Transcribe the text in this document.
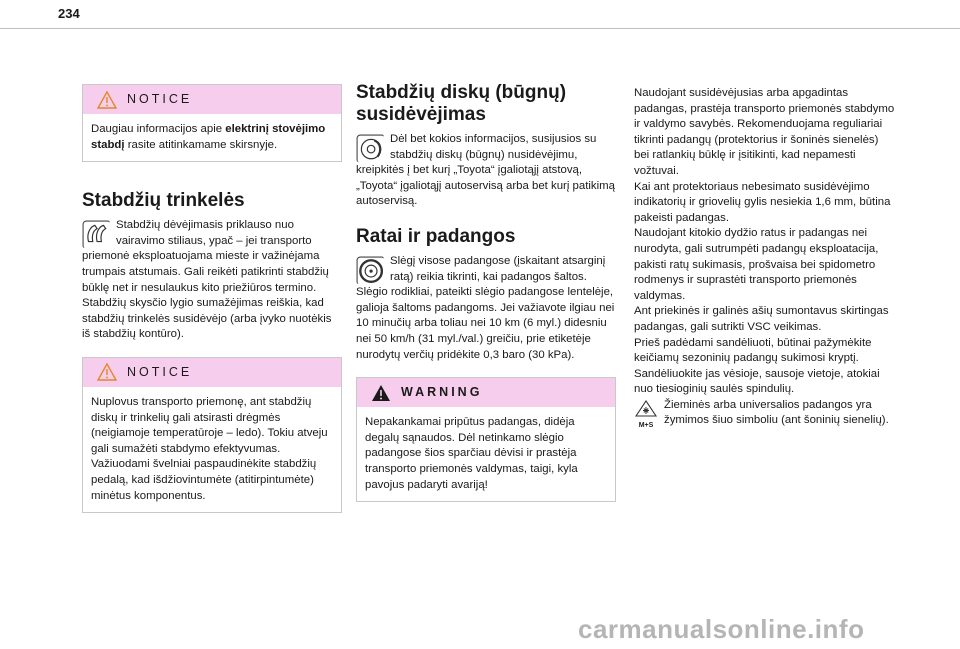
234
NOTICE

Daugiau informacijos apie elektrinį stovėjimo stabdį rasite atitinkamame skirsnyje.

Stabdžių trinkelės

Stabdžių dėvėjimasis priklauso nuo vairavimo stiliaus, ypač – jei transporto priemonė eksploatuojama mieste ir važinėjama trumpais atstumais. Gali reikėti patikrinti stabdžių būklę net ir nesulaukus kito priežiūros termino.

Stabdžių skysčio lygio sumažėjimas reiškia, kad stabdžių trinkelės susidėvėjo (arba įvyko nuotėkis iš stabdžių kontūro).

NOTICE

Nuplovus transporto priemonę, ant stabdžių diskų ir trinkelių gali atsirasti drėgmės (neigiamoje temperatūroje – ledo). Tokiu atveju gali sumažėti stabdymo efektyvumas. Važiuodami švelniai paspaudinėkite stabdžių pedalą, kad išdžiovintumėte (atitirpintumėte) minėtus komponentus.

Stabdžių diskų (būgnų) susidėvėjimas

Dėl bet kokios informacijos, susijusios su stabdžių diskų (būgnų) nusidėvėjimu, kreipkitės į bet kurį „Toyota“ įgaliotąjį atstovą, „Toyota“ įgaliotąjį autoservisą arba bet kurį patikimą autoservisą.

Ratai ir padangos

Slėgį visose padangose (įskaitant atsarginį ratą) reikia tikrinti, kai padangos šaltos.

Slėgio rodikliai, pateikti slėgio padangose lentelėje, galioja šaltoms padangoms. Jei važiavote ilgiau nei 10 minučių arba toliau nei 10 km (6 myl.) didesniu nei 50 km/h (31 myl./val.) greičiu, prie etiketėje nurodytų verčių pridėkite 0,3 baro (30 kPa).

WARNING

Nepakankamai pripūtus padangas, didėja degalų sąnaudos. Dėl netinkamo slėgio padangose šios sparčiau dėvisi ir prastėja transporto priemonės valdymas, taigi, kyla pavojus padaryti avariją!

Naudojant susidėvėjusias arba apgadintas padangas, prastėja transporto priemonės stabdymo ir valdymo savybės. Rekomenduojama reguliariai tikrinti padangų (protektorius ir šoninės sienelės) bei ratlankių būklę ir įsitikinti, kad nepamesti vožtuvai.

Kai ant protektoriaus nebesimato susidėvėjimo indikatorių ir griovelių gylis nesiekia 1,6 mm, būtina pakeisti padangas.

Naudojant kitokio dydžio ratus ir padangas nei nurodyta, gali sutrumpėti padangų eksploatacija, pakisti ratų sukimasis, prošvaisa bei spidometro rodmenys ir suprastėti transporto priemonės valdymas.

Ant priekinės ir galinės ašių sumontavus skirtingas padangas, gali sutrikti VSC veikimas.

Prieš padėdami sandėliuoti, būtinai pažymėkite keičiamų sezoninių padangų sukimosi kryptį.

Sandėliuokite jas vėsioje, sausoje vietoje, atokiai nuo tiesioginių saulės spindulių.

M+S

Žieminės arba universalios padangos yra žymimos šiuo simboliu (ant šoninių sienelių).

carmanualsonline.info
